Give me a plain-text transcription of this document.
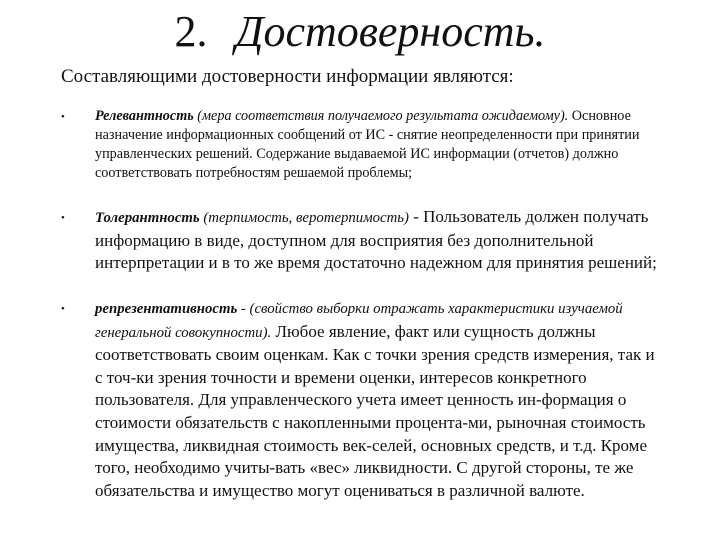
2. Достоверность.
Составляющими достоверности информации являются:
• Релевантность (мера соответствия получаемого результата ожидаемому). Основное назначение информационных сообщений от ИС - снятие неопределенности при принятии управленческих решений. Содержание выдаваемой ИС информации (отчетов) должно соответствовать потребностям решаемой проблемы;
• Толерантность (терпимость, веротерпимость) - Пользователь должен получать информацию в виде, доступном для восприятия без дополнительной интерпретации и в то же время достаточно надежном для принятия решений;
• репрезентативность - (свойство выборки отражать характеристики изучаемой генеральной совокупности). Любое явление, факт или сущность должны соответствовать своим оценкам. Как с точки зрения средств измерения, так и с точ-ки зрения точности и времени оценки, интересов конкретного пользователя. Для управленческого учета имеет ценность ин-формация о стоимости обязательств с накопленными процента-ми, рыночная стоимость имущества, ликвидная стоимость век-селей, основных средств, и т.д. Кроме того, необходимо учиты-вать «вес» ликвидности. С другой стороны, те же обязательства и имущество могут оцениваться в различной валюте.
